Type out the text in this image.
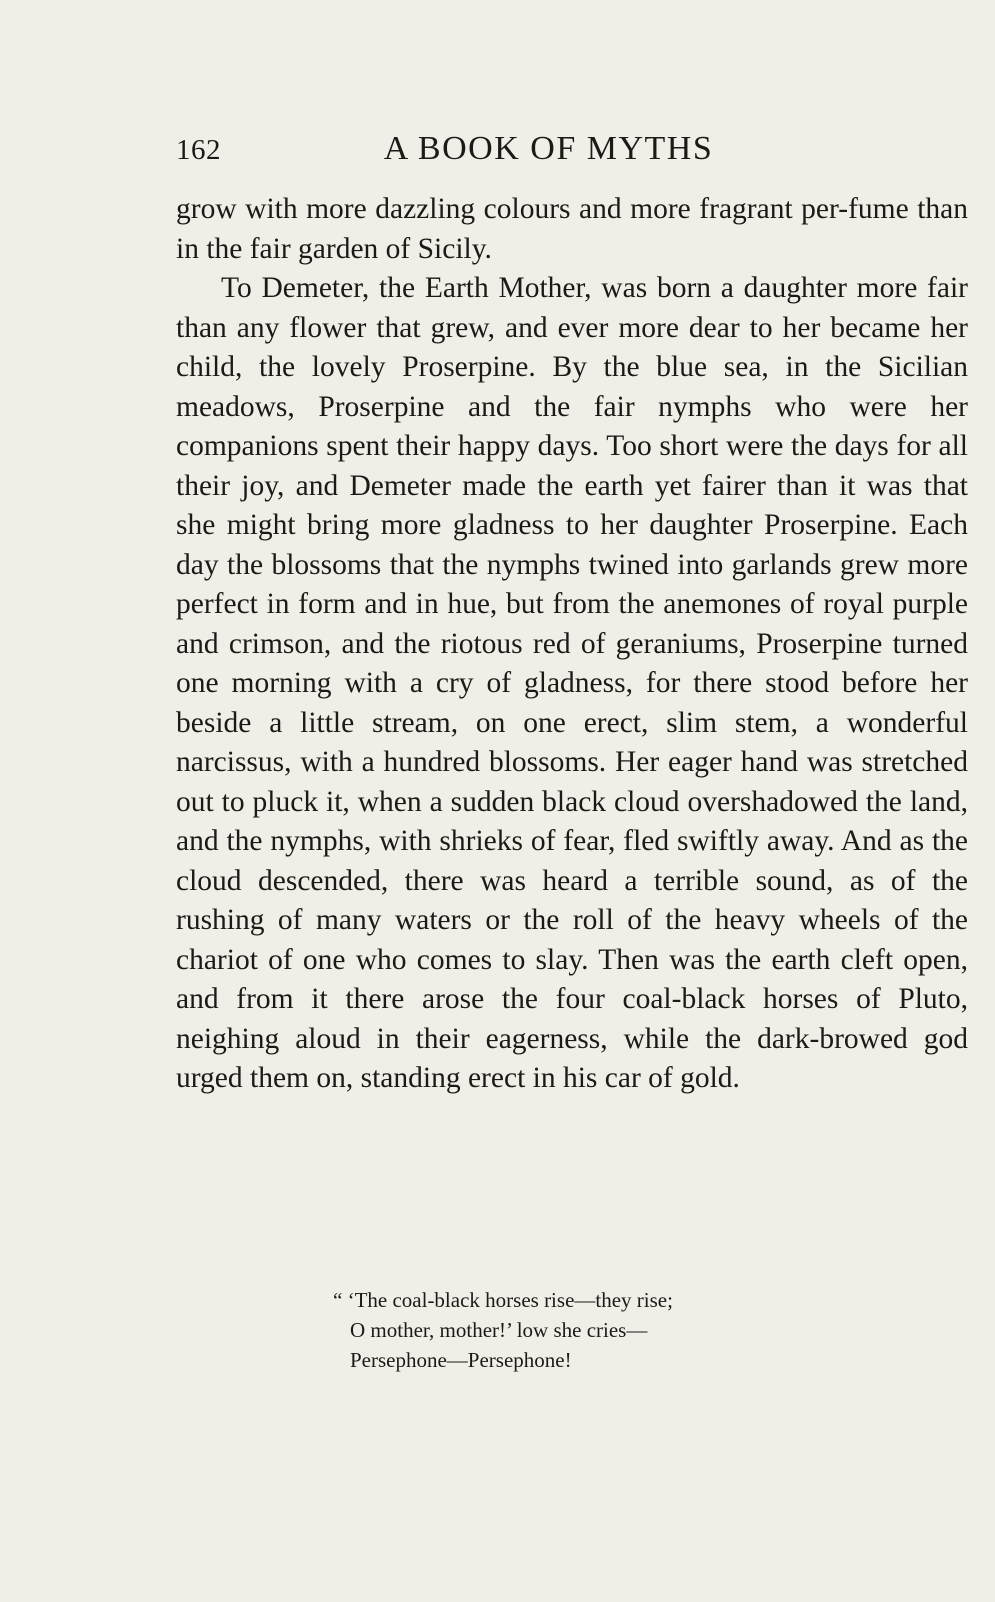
162	A BOOK OF MYTHS

grow with more dazzling colours and more fragrant per-fume than in the fair garden of Sicily.

To Demeter, the Earth Mother, was born a daughter more fair than any flower that grew, and ever more dear to her became her child, the lovely Proserpine. By the blue sea, in the Sicilian meadows, Proserpine and the fair nymphs who were her companions spent their happy days. Too short were the days for all their joy, and Demeter made the earth yet fairer than it was that she might bring more gladness to her daughter Proserpine. Each day the blossoms that the nymphs twined into garlands grew more perfect in form and in hue, but from the anemones of royal purple and crimson, and the riotous red of geraniums, Proserpine turned one morning with a cry of gladness, for there stood before her beside a little stream, on one erect, slim stem, a wonderful narcissus, with a hundred blossoms. Her eager hand was stretched out to pluck it, when a sudden black cloud overshadowed the land, and the nymphs, with shrieks of fear, fled swiftly away. And as the cloud descended, there was heard a terrible sound, as of the rushing of many waters or the roll of the heavy wheels of the chariot of one who comes to slay. Then was the earth cleft open, and from it there arose the four coal-black horses of Pluto, neighing aloud in their eagerness, while the dark-browed god urged them on, standing erect in his car of gold.

“ ‘The coal-black horses rise—they rise;
O mother, mother!’ low she cries—
Persephone—Persephone!
